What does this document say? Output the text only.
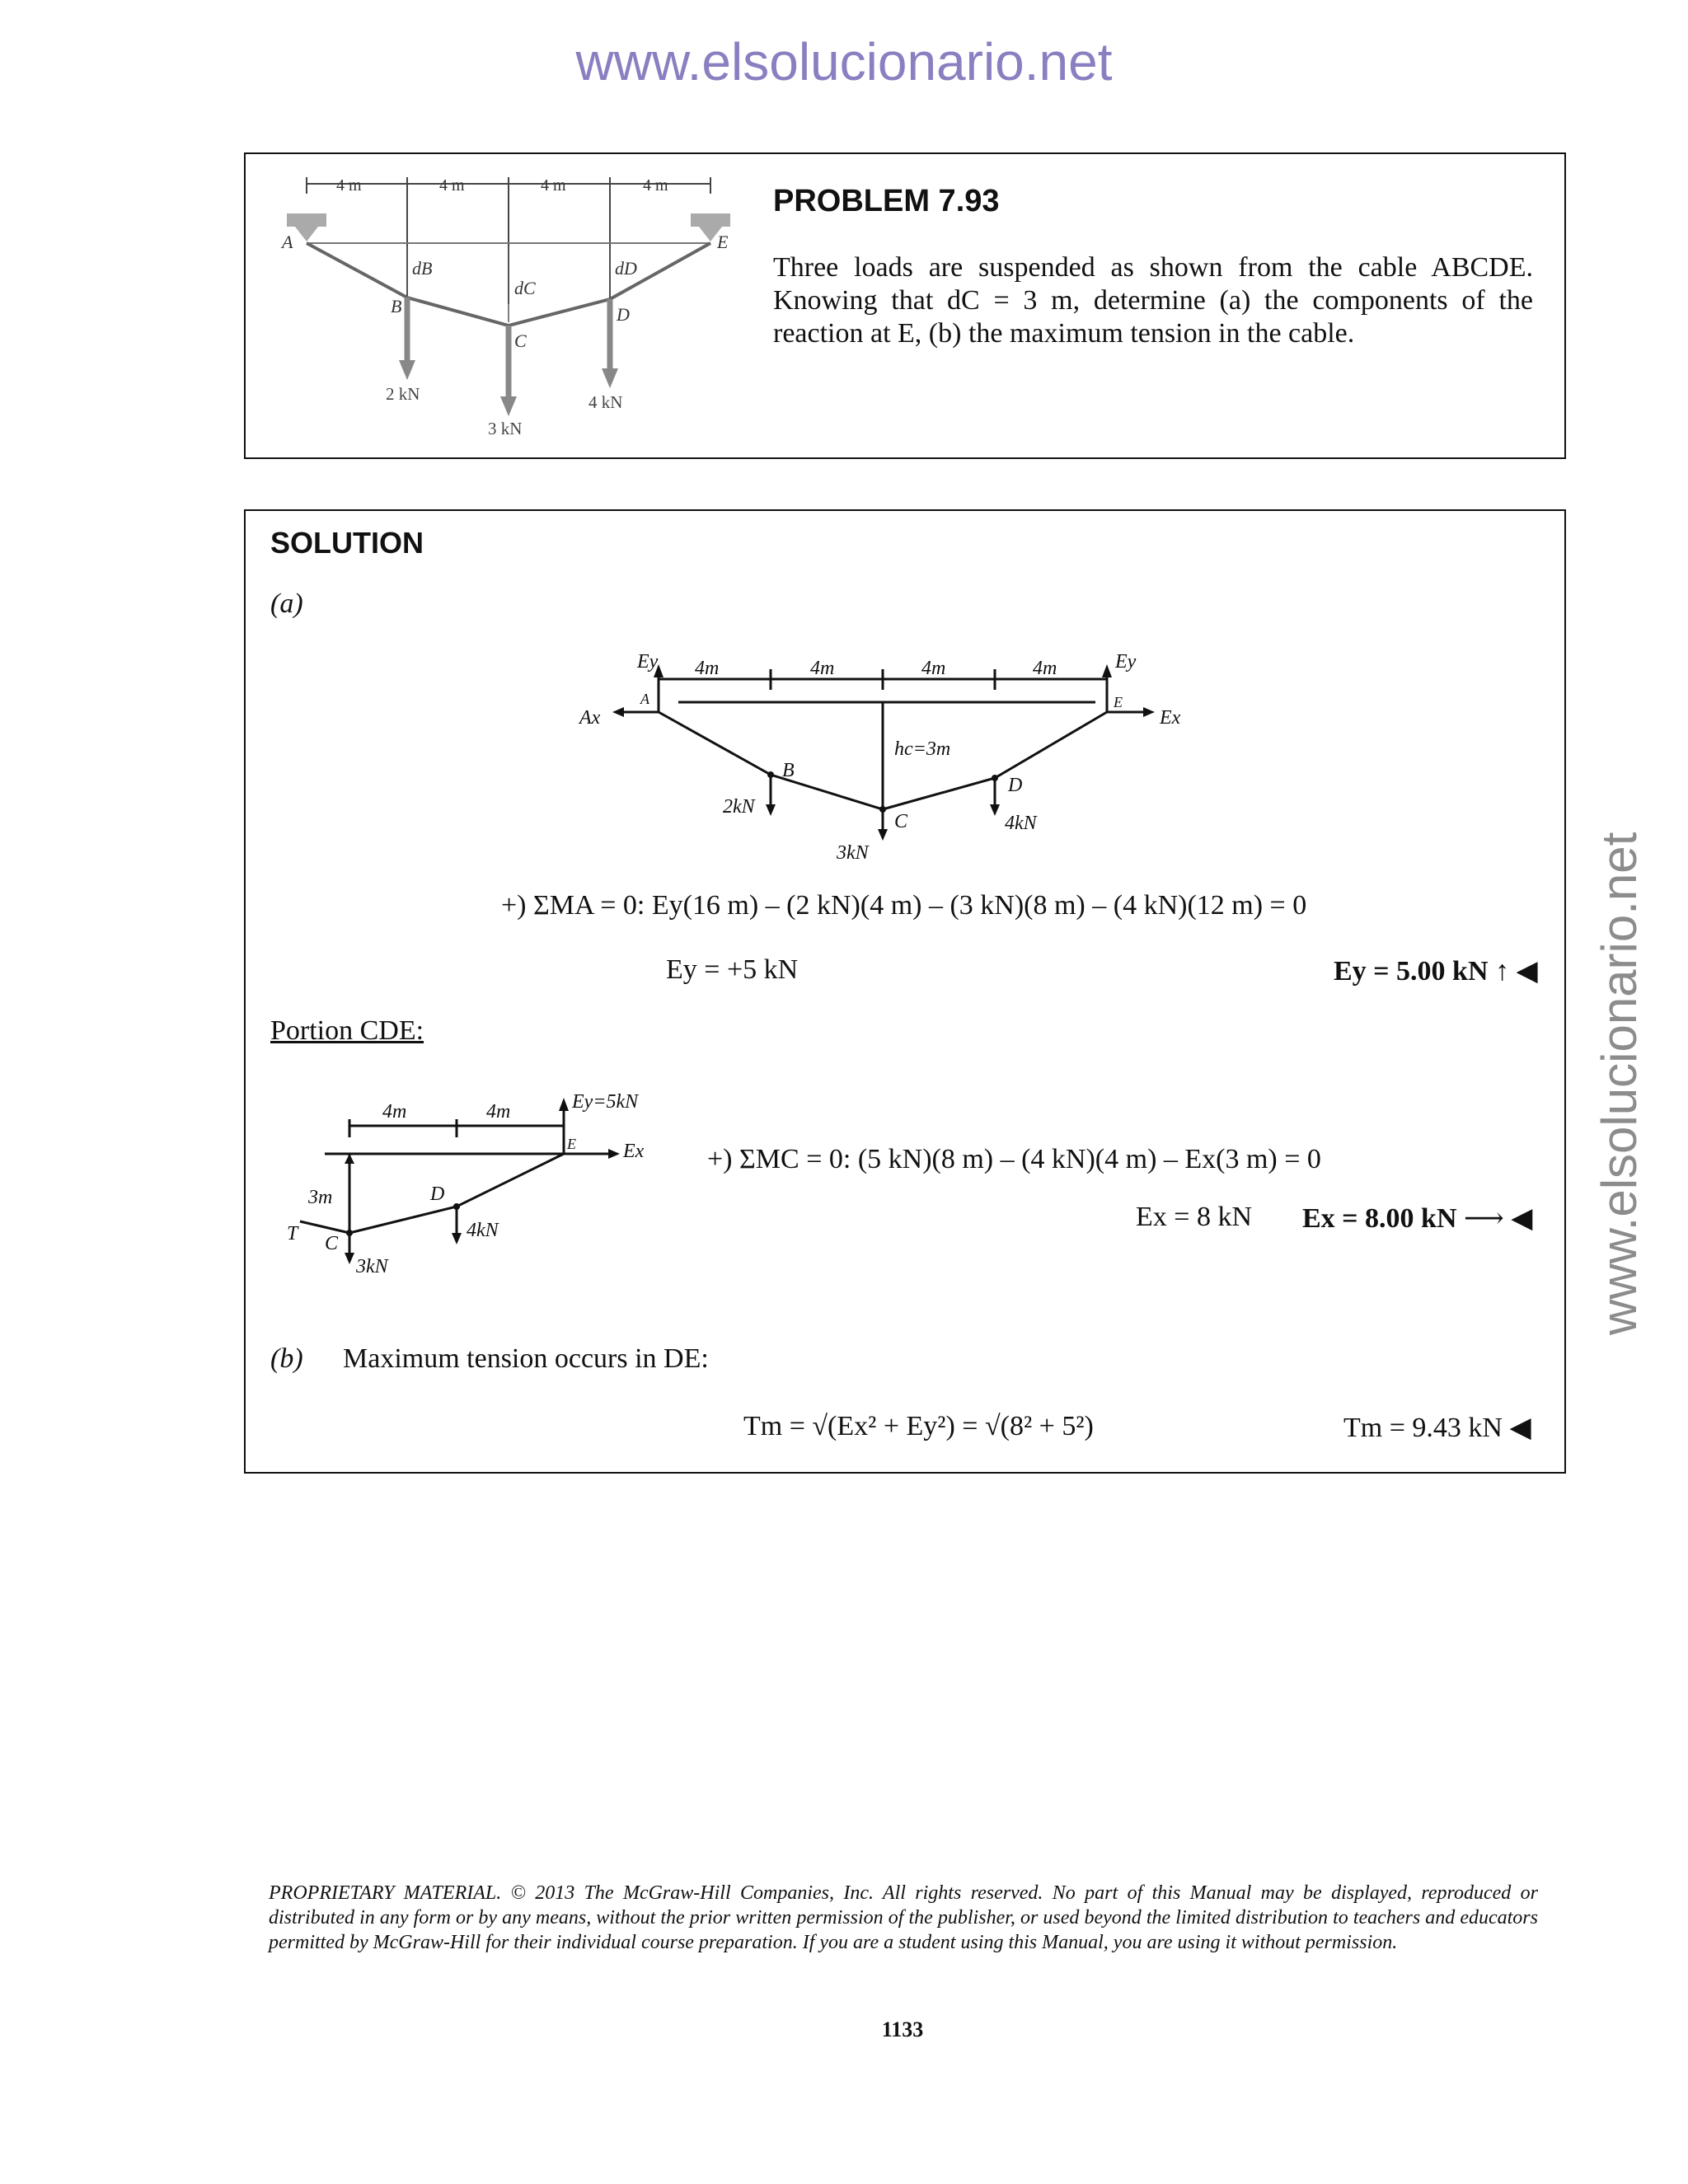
www.elsolucionario.net
www.elsolucionario.net
4 m	4 m	4 m	4 m
dB
dC
dD
A
B
C
D
E
2 kN
3 kN
4 kN
PROBLEM 7.93
Three loads are suspended as shown from the cable ABCDE.
Knowing that dC = 3 m, determine (a) the components of the
reaction at E, (b) the maximum tension in the cable.
SOLUTION
(a)
Ey
Ax
A
4m	4m	4m	4m	Ey
E
Ex
B
hc=3m
D
C
2kN
3kN
4kN
+) ΣMA = 0: Ey(16 m) – (2 kN)(4 m) – (3 kN)(8 m) – (4 kN)(12 m) = 0
Ey = +5 kN	Ey = 5.00 kN ↑ ◀
Portion CDE:
4m	4m	Ey=5kN
E Ex
3m	D
T C
4kN
3kN
+) ΣMC = 0: (5 kN)(8 m) – (4 kN)(4 m) – Ex(3 m) = 0
Ex = 8 kN Ex = 8.00 kN ⟶ ◀
(b) Maximum tension occurs in DE:
Tm = √(Ex² + Ey²) = √(8² + 5²)	Tm = 9.43 kN ◀
PROPRIETARY MATERIAL. © 2013 The McGraw-Hill Companies, Inc. All rights reserved. No part of this Manual may be displayed, reproduced or distributed in any form or by any means, without the prior written permission of the publisher, or used beyond the limited distribution to teachers and educators permitted by McGraw-Hill for their individual course preparation. If you are a student using this Manual, you are using it without permission.
1133
